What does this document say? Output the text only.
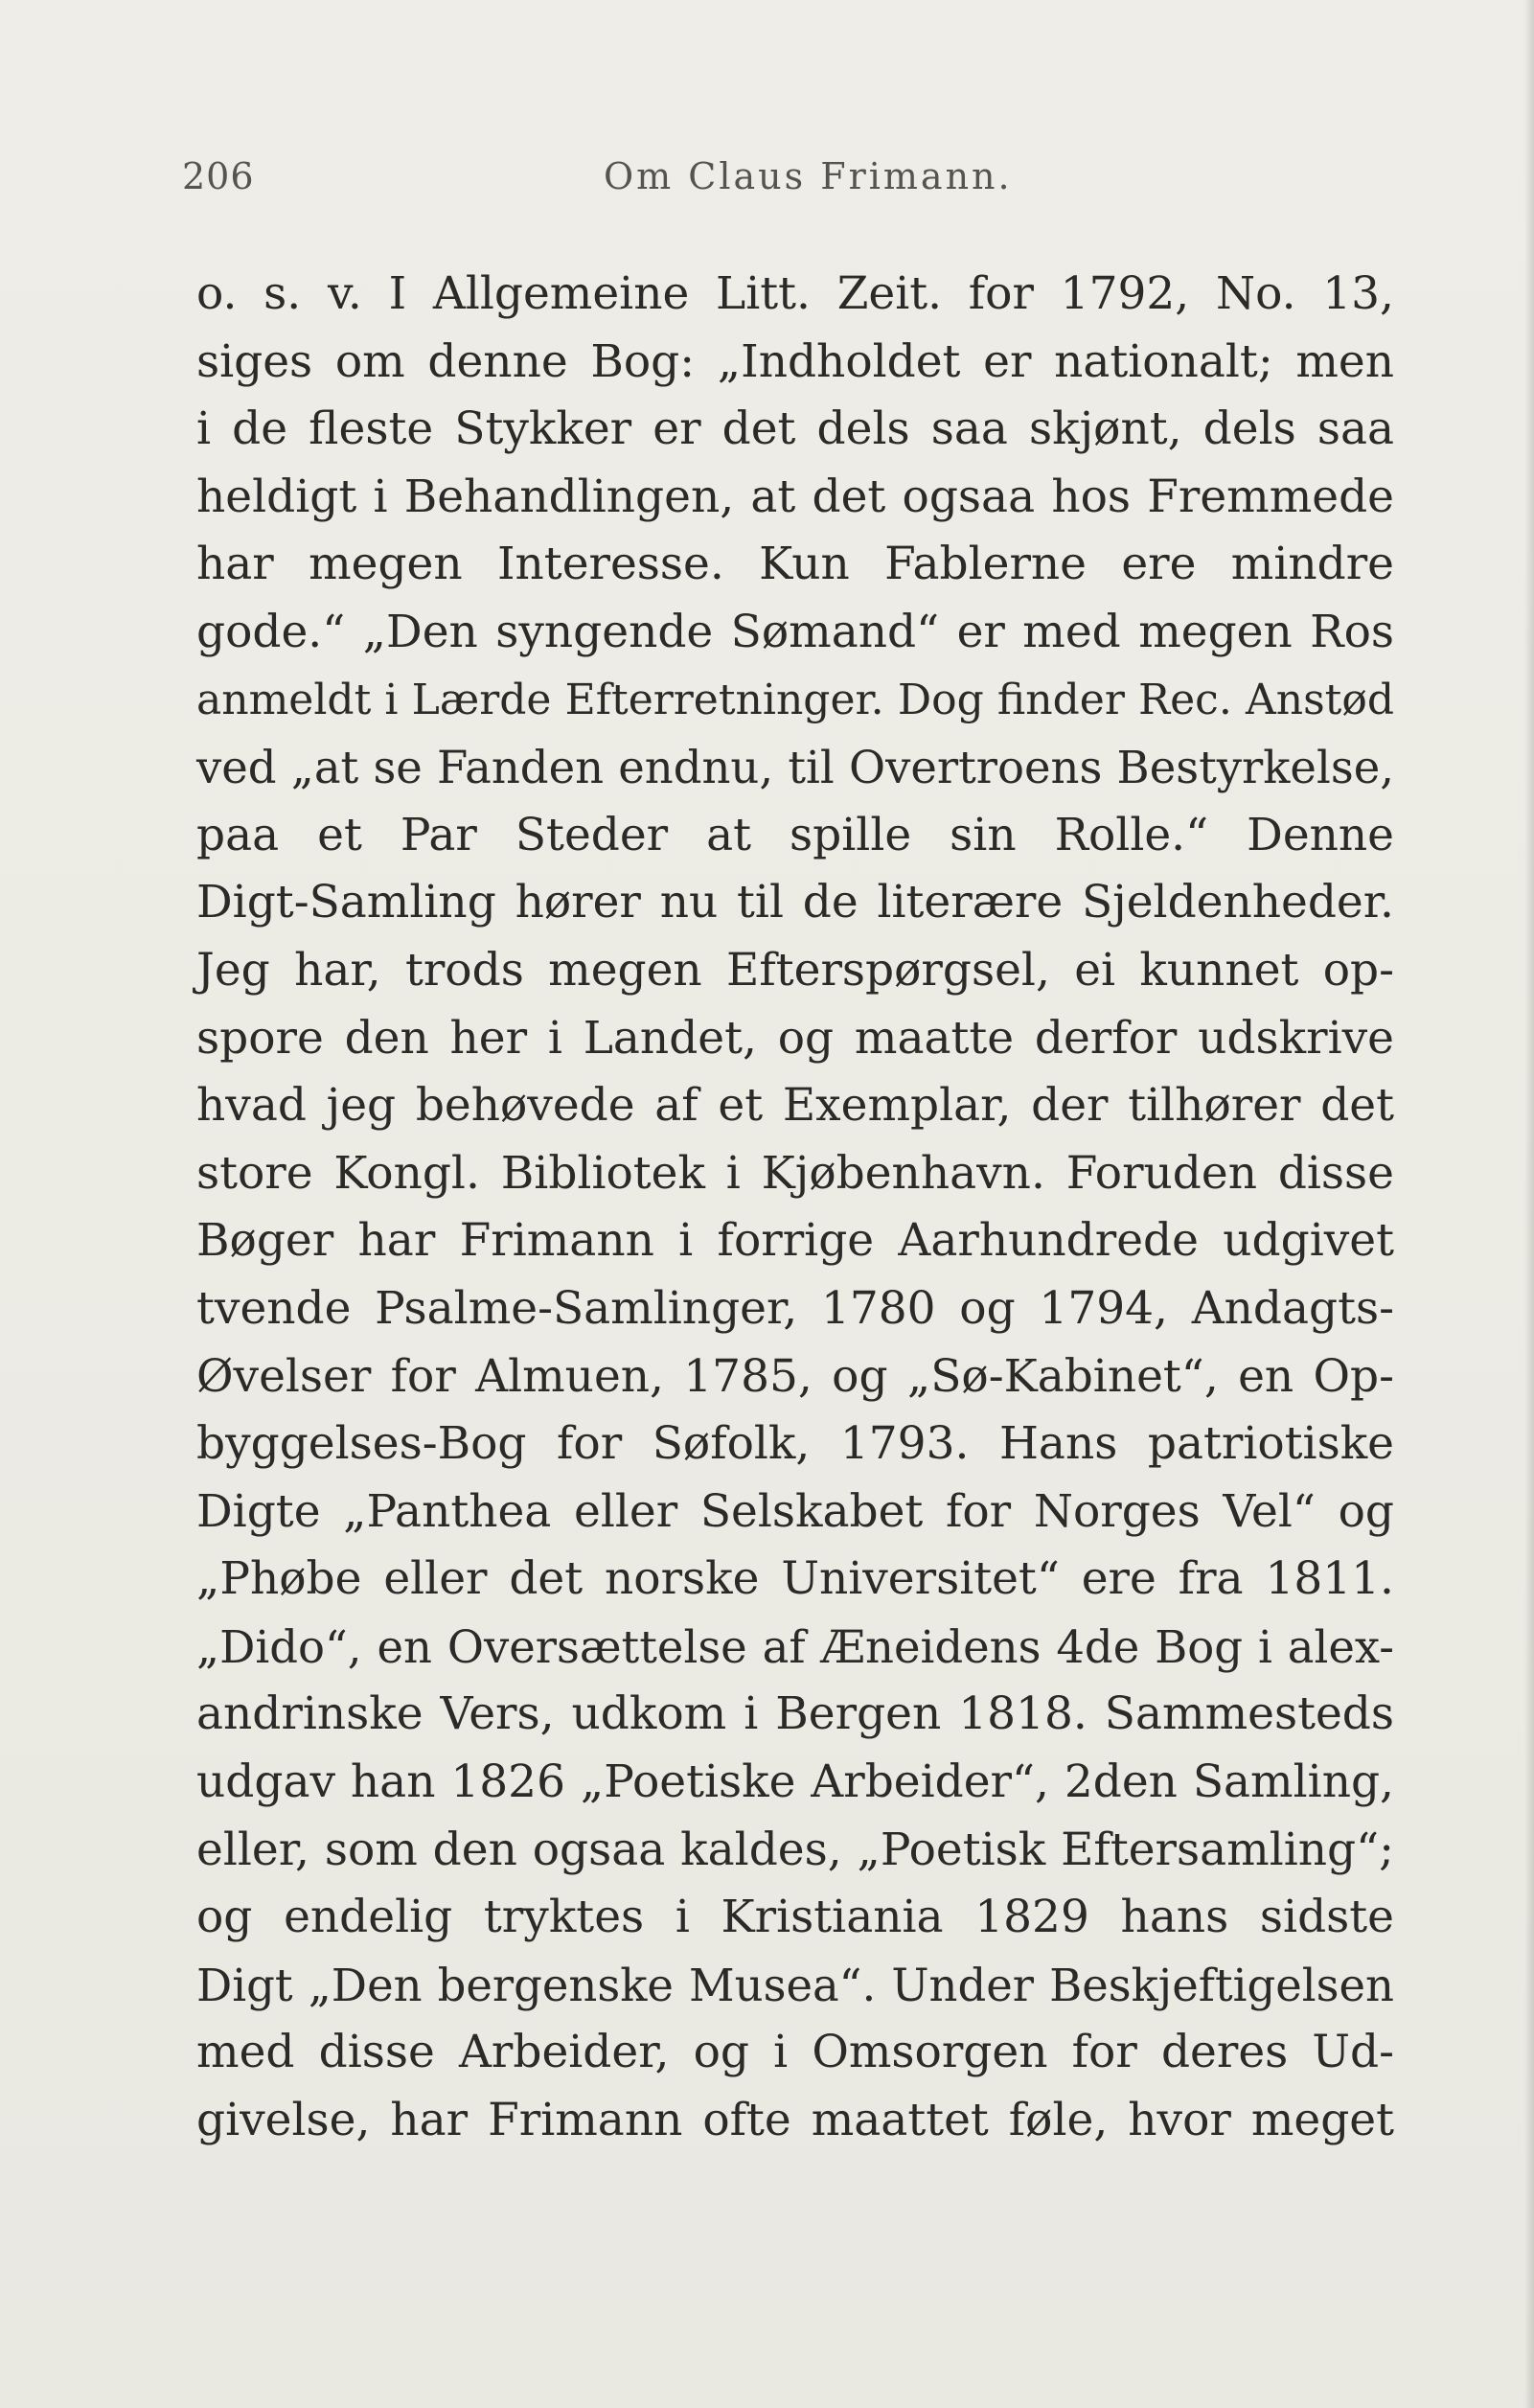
206	Om Claus Frimann.
o. s. v. I Allgemeine Litt. Zeit. for 1792, No. 13,
siges om denne Bog: „Indholdet er nationalt; men
i de fleste Stykker er det dels saa skjønt, dels saa
heldigt i Behandlingen, at det ogsaa hos Fremmede
har megen Interesse. Kun Fablerne ere mindre
gode.“ „Den syngende Sømand“ er med megen Ros
anmeldt i Lærde Efterretninger. Dog finder Rec. Anstød
ved „at se Fanden endnu, til Overtroens Bestyrkelse,
paa et Par Steder at spille sin Rolle.“ Denne
Digt-Samling hører nu til de literære Sjeldenheder.
Jeg har, trods megen Efterspørgsel, ei kunnet op-
spore den her i Landet, og maatte derfor udskrive
hvad jeg behøvede af et Exemplar, der tilhører det
store Kongl. Bibliotek i Kjøbenhavn. Foruden disse
Bøger har Frimann i forrige Aarhundrede udgivet
tvende Psalme-Samlinger, 1780 og 1794, Andagts-
Øvelser for Almuen, 1785, og „Sø-Kabinet“, en Op-
byggelses-Bog for Søfolk, 1793. Hans patriotiske
Digte „Panthea eller Selskabet for Norges Vel“ og
„Phøbe eller det norske Universitet“ ere fra 1811.
„Dido“, en Oversættelse af Æneidens 4de Bog i alex-
andrinske Vers, udkom i Bergen 1818. Sammesteds
udgav han 1826 „Poetiske Arbeider“, 2den Samling,
eller, som den ogsaa kaldes, „Poetisk Eftersamling“;
og endelig tryktes i Kristiania 1829 hans sidste
Digt „Den bergenske Musea“. Under Beskjeftigelsen
med disse Arbeider, og i Omsorgen for deres Ud-
givelse, har Frimann ofte maattet føle, hvor meget
